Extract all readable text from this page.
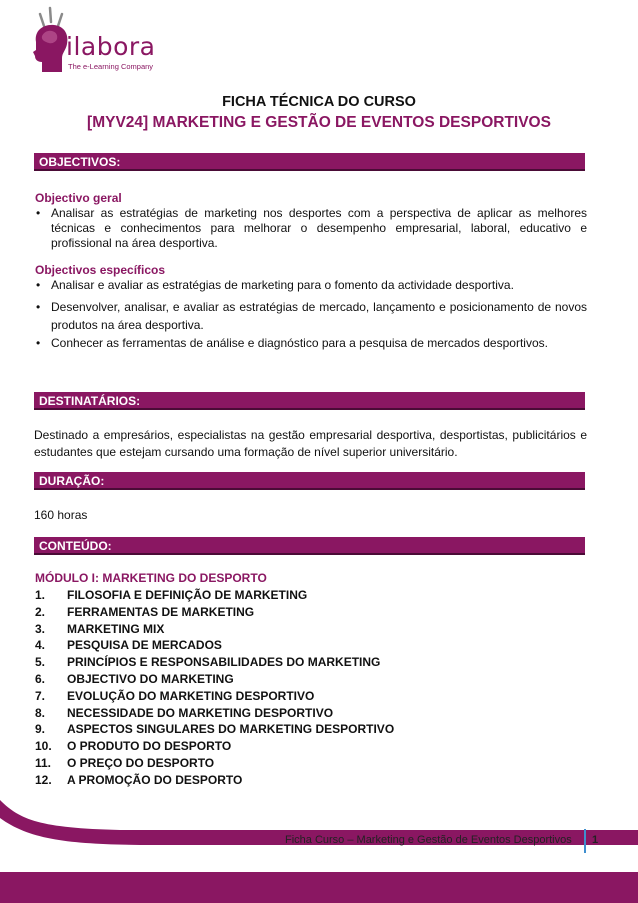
ilabora
The e-Learning Company
FICHA TÉCNICA DO CURSO
[MYV24] MARKETING E GESTÃO DE EVENTOS DESPORTIVOS
OBJECTIVOS:
Objectivo geral
• Analisar as estratégias de marketing nos desportes com a perspectiva de aplicar as melhores técnicas e conhecimentos para melhorar o desempenho empresarial, laboral, educativo e profissional na área desportiva.
Objectivos específicos
• Analisar e avaliar as estratégias de marketing para o fomento da actividade desportiva.
• Desenvolver, analisar, e avaliar as estratégias de mercado, lançamento e posicionamento de novos produtos na área desportiva.
• Conhecer as ferramentas de análise e diagnóstico para a pesquisa de mercados desportivos.
DESTINATÁRIOS:
Destinado a empresários, especialistas na gestão empresarial desportiva, desportistas, publicitários e estudantes que estejam cursando uma formação de nível superior universitário.
DURAÇÃO:
160 horas
CONTEÚDO:
MÓDULO I: MARKETING DO DESPORTO
1. FILOSOFIA E DEFINIÇÃO DE MARKETING
2. FERRAMENTAS DE MARKETING
3. MARKETING MIX
4. PESQUISA DE MERCADOS
5. PRINCÍPIOS E RESPONSABILIDADES DO MARKETING
6. OBJECTIVO DO MARKETING
7. EVOLUÇÃO DO MARKETING DESPORTIVO
8. NECESSIDADE DO MARKETING DESPORTIVO
9. ASPECTOS SINGULARES DO MARKETING DESPORTIVO
10. O PRODUTO DO DESPORTO
11. O PREÇO DO DESPORTO
12. A PROMOÇÃO DO DESPORTO
Ficha Curso – Marketing e Gestão de Eventos Desportivos 1
